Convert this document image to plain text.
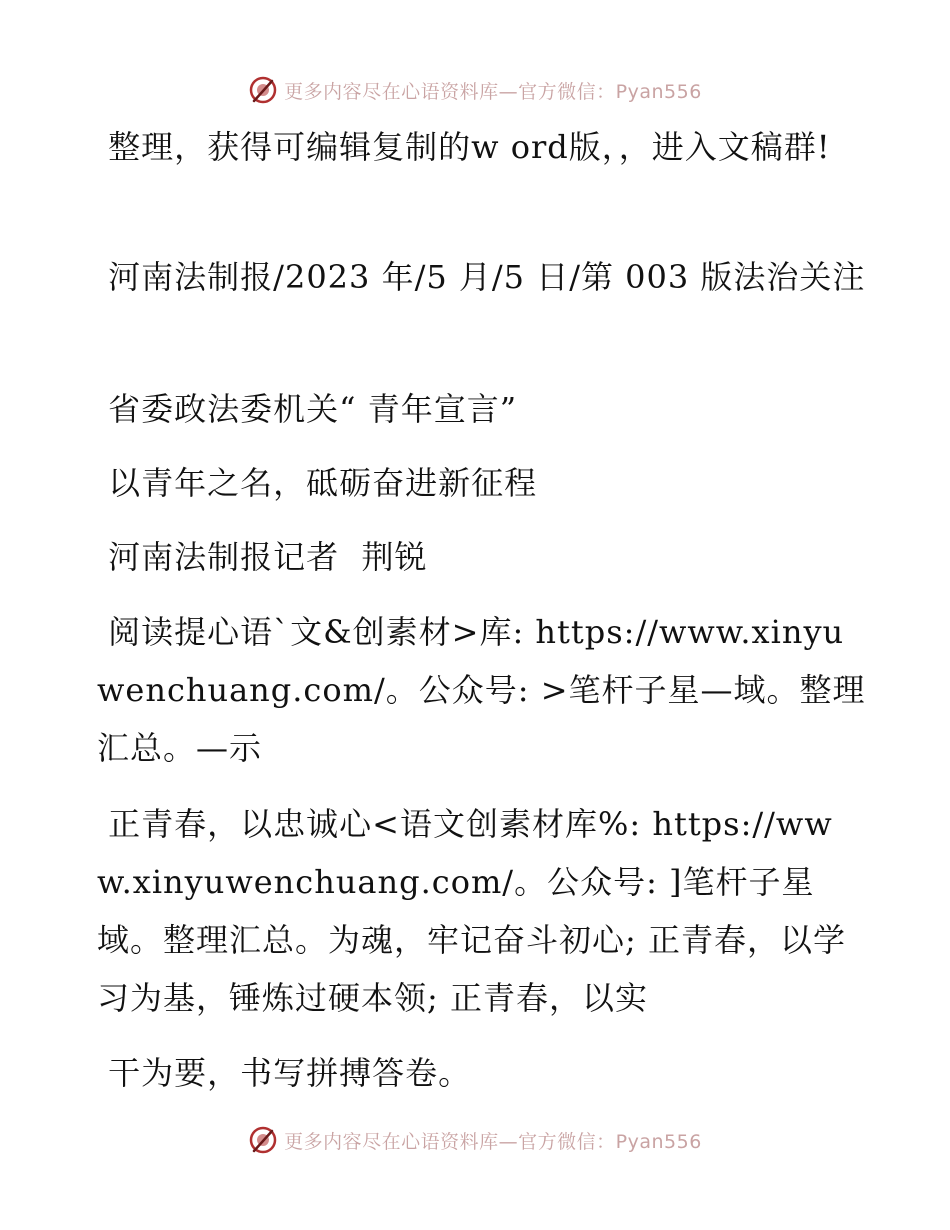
更多内容尽在心语资料库—官方微信：Pyan556
整理，获得可编辑复制的w ord版，，进入文稿群!
河南法制报/2023 年/5 月/5 日/第 003 版法治关注
省委政法委机关“ 青年宣言”
以青年之名，砥砺奋进新征程
河南法制报记者  荆锐
阅读提心语`文&创素材>库: https://www.xinyuwenchuang.com/。公众号: >笔杆子星—域。整理汇总。—示
正青春，以忠诚心<语文创素材库%: https://www.xinyuwenchuang.com/。公众号: ]笔杆子星域。整理汇总。为魂，牢记奋斗初心; 正青春，以学习为基，锤炼过硬本领; 正青春，以实
干为要，书写拼搏答卷。
更多内容尽在心语资料库—官方微信：Pyan556
